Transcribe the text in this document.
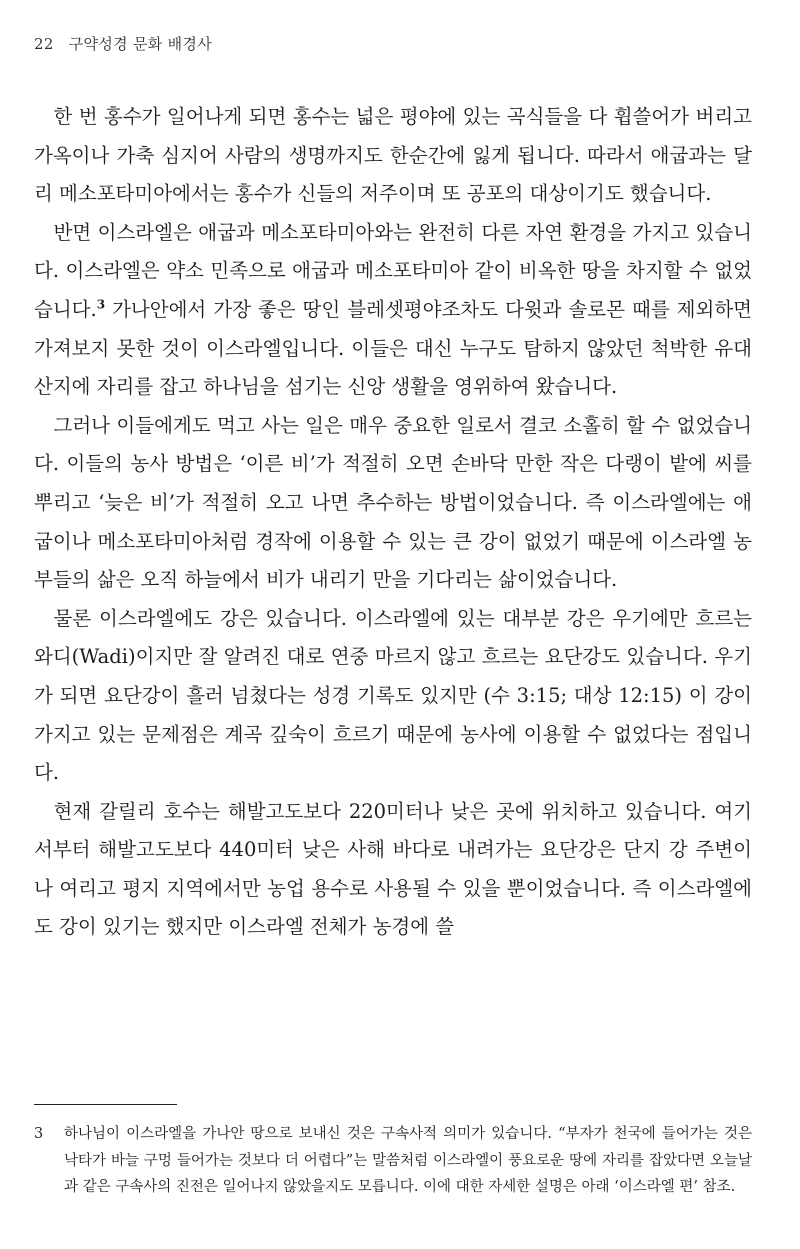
22 구약성경 문화 배경사

한 번 홍수가 일어나게 되면 홍수는 넓은 평야에 있는 곡식들을 다 휩쓸어가 버리고 가옥이나 가축 심지어 사람의 생명까지도 한순간에 잃게 됩니다. 따라서 애굽과는 달리 메소포타미아에서는 홍수가 신들의 저주이며 또 공포의 대상이기도 했습니다.

반면 이스라엘은 애굽과 메소포타미아와는 완전히 다른 자연 환경을 가지고 있습니다. 이스라엘은 약소 민족으로 애굽과 메소포타미아 같이 비옥한 땅을 차지할 수 없었습니다.$^3$ 가나안에서 가장 좋은 땅인 블레셋평야조차도 다윗과 솔로몬 때를 제외하면 가져보지 못한 것이 이스라엘입니다. 이들은 대신 누구도 탐하지 않았던 척박한 유대산지에 자리를 잡고 하나님을 섬기는 신앙 생활을 영위하여 왔습니다.

그러나 이들에게도 먹고 사는 일은 매우 중요한 일로서 결코 소홀히 할 수 없었습니다. 이들의 농사 방법은 ‘이른 비’가 적절히 오면 손바닥 만한 작은 다랭이 밭에 씨를 뿌리고 ‘늦은 비’가 적절히 오고 나면 추수하는 방법이었습니다. 즉 이스라엘에는 애굽이나 메소포타미아처럼 경작에 이용할 수 있는 큰 강이 없었기 때문에 이스라엘 농부들의 삶은 오직 하늘에서 비가 내리기 만을 기다리는 삶이었습니다.

물론 이스라엘에도 강은 있습니다. 이스라엘에 있는 대부분 강은 우기에만 흐르는 와디(Wadi)이지만 잘 알려진 대로 연중 마르지 않고 흐르는 요단강도 있습니다. 우기가 되면 요단강이 흘러 넘쳤다는 성경 기록도 있지만 (수 3:15; 대상 12:15) 이 강이 가지고 있는 문제점은 계곡 깊숙이 흐르기 때문에 농사에 이용할 수 없었다는 점입니다.

현재 갈릴리 호수는 해발고도보다 220미터나 낮은 곳에 위치하고 있습니다. 여기서부터 해발고도보다 440미터 낮은 사해 바다로 내려가는 요단강은 단지 강 주변이나 여리고 평지 지역에서만 농업 용수로 사용될 수 있을 뿐이었습니다. 즉 이스라엘에도 강이 있기는 했지만 이스라엘 전체가 농경에 쓸

3	하나님이 이스라엘을 가나안 땅으로 보내신 것은 구속사적 의미가 있습니다. “부자가 천국에 들어가는 것은 낙타가 바늘 구멍 들어가는 것보다 더 어렵다”는 말씀처럼 이스라엘이 풍요로운 땅에 자리를 잡았다면 오늘날과 같은 구속사의 진전은 일어나지 않았을지도 모릅니다. 이에 대한 자세한 설명은 아래 ‘이스라엘 편’ 참조.
